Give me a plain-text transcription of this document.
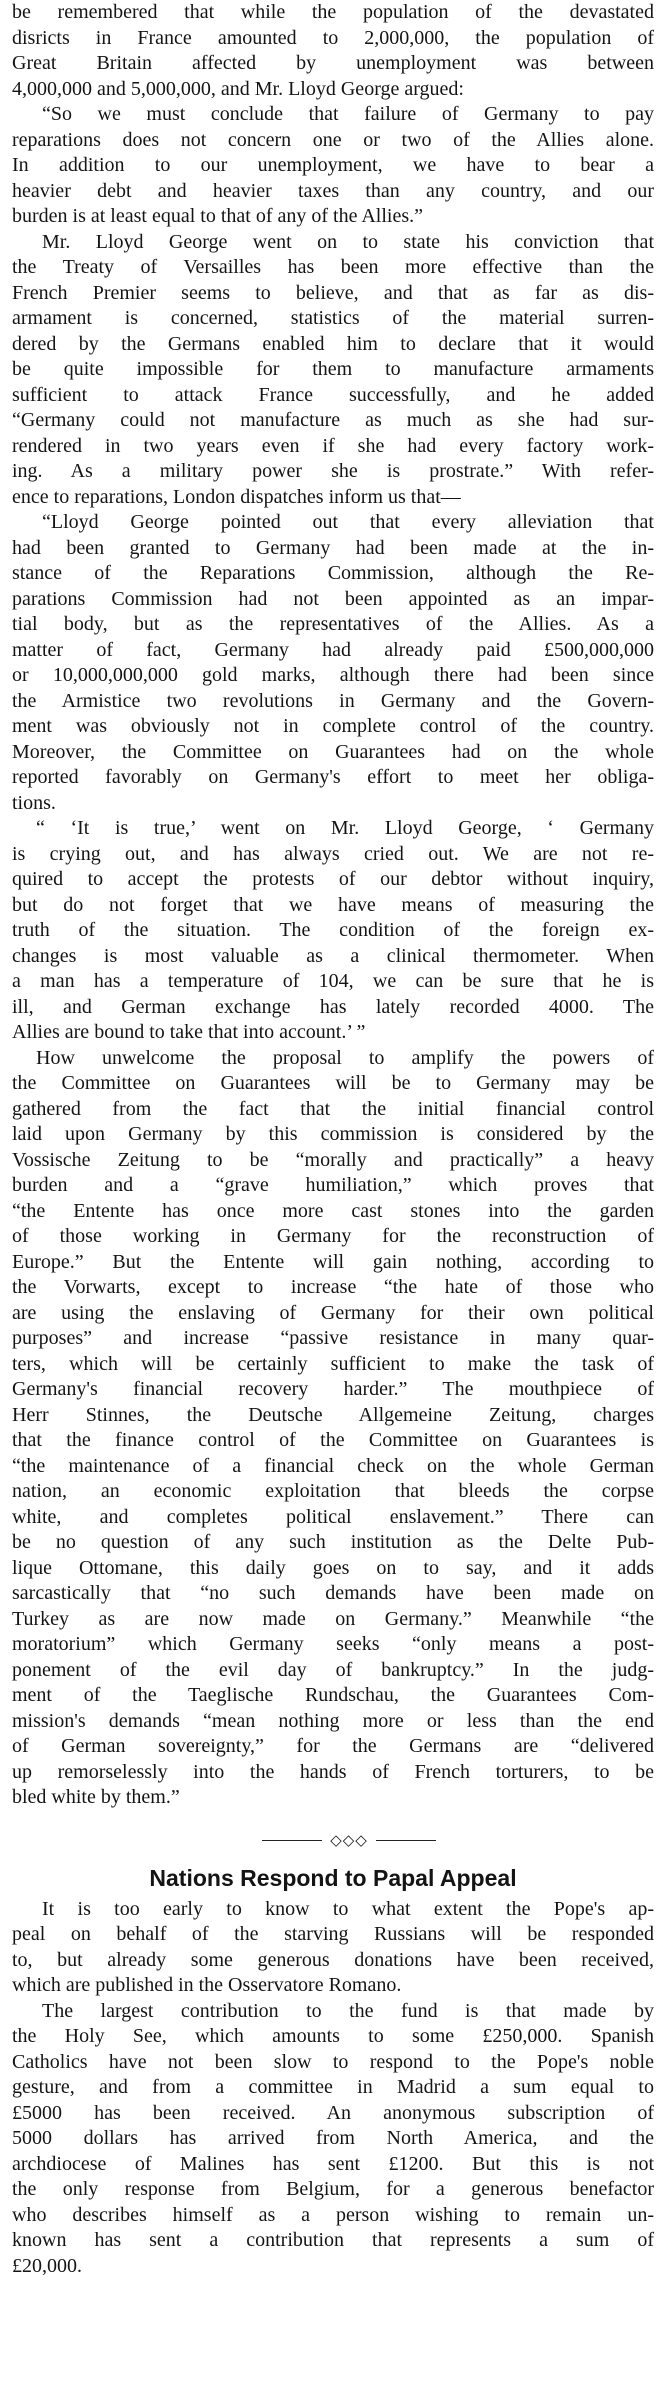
be remembered that while the population of the devastated
disricts in France amounted to 2,000,000, the population of
Great Britain affected by unemployment was between
4,000,000 and 5,000,000, and Mr. Lloyd George argued:
“So we must conclude that failure of Germany to pay
reparations does not concern one or two of the Allies alone.
In addition to our unemployment, we have to bear a
heavier debt and heavier taxes than any country, and our
burden is at least equal to that of any of the Allies.”
Mr. Lloyd George went on to state his conviction that
the Treaty of Versailles has been more effective than the
French Premier seems to believe, and that as far as dis-
armament is concerned, statistics of the material surren-
dered by the Germans enabled him to declare that it would
be quite impossible for them to manufacture armaments
sufficient to attack France successfully, and he added
“Germany could not manufacture as much as she had sur-
rendered in two years even if she had every factory work-
ing. As a military power she is prostrate.” With refer-
ence to reparations, London dispatches inform us that—
“Lloyd George pointed out that every alleviation that
had been granted to Germany had been made at the in-
stance of the Reparations Commission, although the Re-
parations Commission had not been appointed as an impar-
tial body, but as the representatives of the Allies. As a
matter of fact, Germany had already paid £500,000,000
or 10,000,000,000 gold marks, although there had been since
the Armistice two revolutions in Germany and the Govern-
ment was obviously not in complete control of the country.
Moreover, the Committee on Guarantees had on the whole
reported favorably on Germany's effort to meet her obliga-
tions.
“ ‘It is true,’ went on Mr. Lloyd George, ‘ Germany
is crying out, and has always cried out. We are not re-
quired to accept the protests of our debtor without inquiry,
but do not forget that we have means of measuring the
truth of the situation. The condition of the foreign ex-
changes is most valuable as a clinical thermometer. When
a man has a temperature of 104, we can be sure that he is
ill, and German exchange has lately recorded 4000. The
Allies are bound to take that into account.’ ”
How unwelcome the proposal to amplify the powers of
the Committee on Guarantees will be to Germany may be
gathered from the fact that the initial financial control
laid upon Germany by this commission is considered by the
Vossische Zeitung to be “morally and practically” a heavy
burden and a “grave humiliation,” which proves that
“the Entente has once more cast stones into the garden
of those working in Germany for the reconstruction of
Europe.” But the Entente will gain nothing, according to
the Vorwarts, except to increase “the hate of those who
are using the enslaving of Germany for their own political
purposes” and increase “passive resistance in many quar-
ters, which will be certainly sufficient to make the task of
Germany's financial recovery harder.” The mouthpiece of
Herr Stinnes, the Deutsche Allgemeine Zeitung, charges
that the finance control of the Committee on Guarantees is
“the maintenance of a financial check on the whole German
nation, an economic exploitation that bleeds the corpse
white, and completes political enslavement.” There can
be no question of any such institution as the Delte Pub-
lique Ottomane, this daily goes on to say, and it adds
sarcastically that “no such demands have been made on
Turkey as are now made on Germany.” Meanwhile “the
moratorium” which Germany seeks “only means a post-
ponement of the evil day of bankruptcy.” In the judg-
ment of the Taeglische Rundschau, the Guarantees Com-
mission's demands “mean nothing more or less than the end
of German sovereignty,” for the Germans are “delivered
up remorselessly into the hands of French torturers, to be
bled white by them.”
◇◇◇
Nations Respond to Papal Appeal
It is too early to know to what extent the Pope's ap-
peal on behalf of the starving Russians will be responded
to, but already some generous donations have been received,
which are published in the Osservatore Romano.
The largest contribution to the fund is that made by
the Holy See, which amounts to some £250,000. Spanish
Catholics have not been slow to respond to the Pope's noble
gesture, and from a committee in Madrid a sum equal to
£5000 has been received. An anonymous subscription of
5000 dollars has arrived from North America, and the
archdiocese of Malines has sent £1200. But this is not
the only response from Belgium, for a generous benefactor
who describes himself as a person wishing to remain un-
known has sent a contribution that represents a sum of
£20,000.
